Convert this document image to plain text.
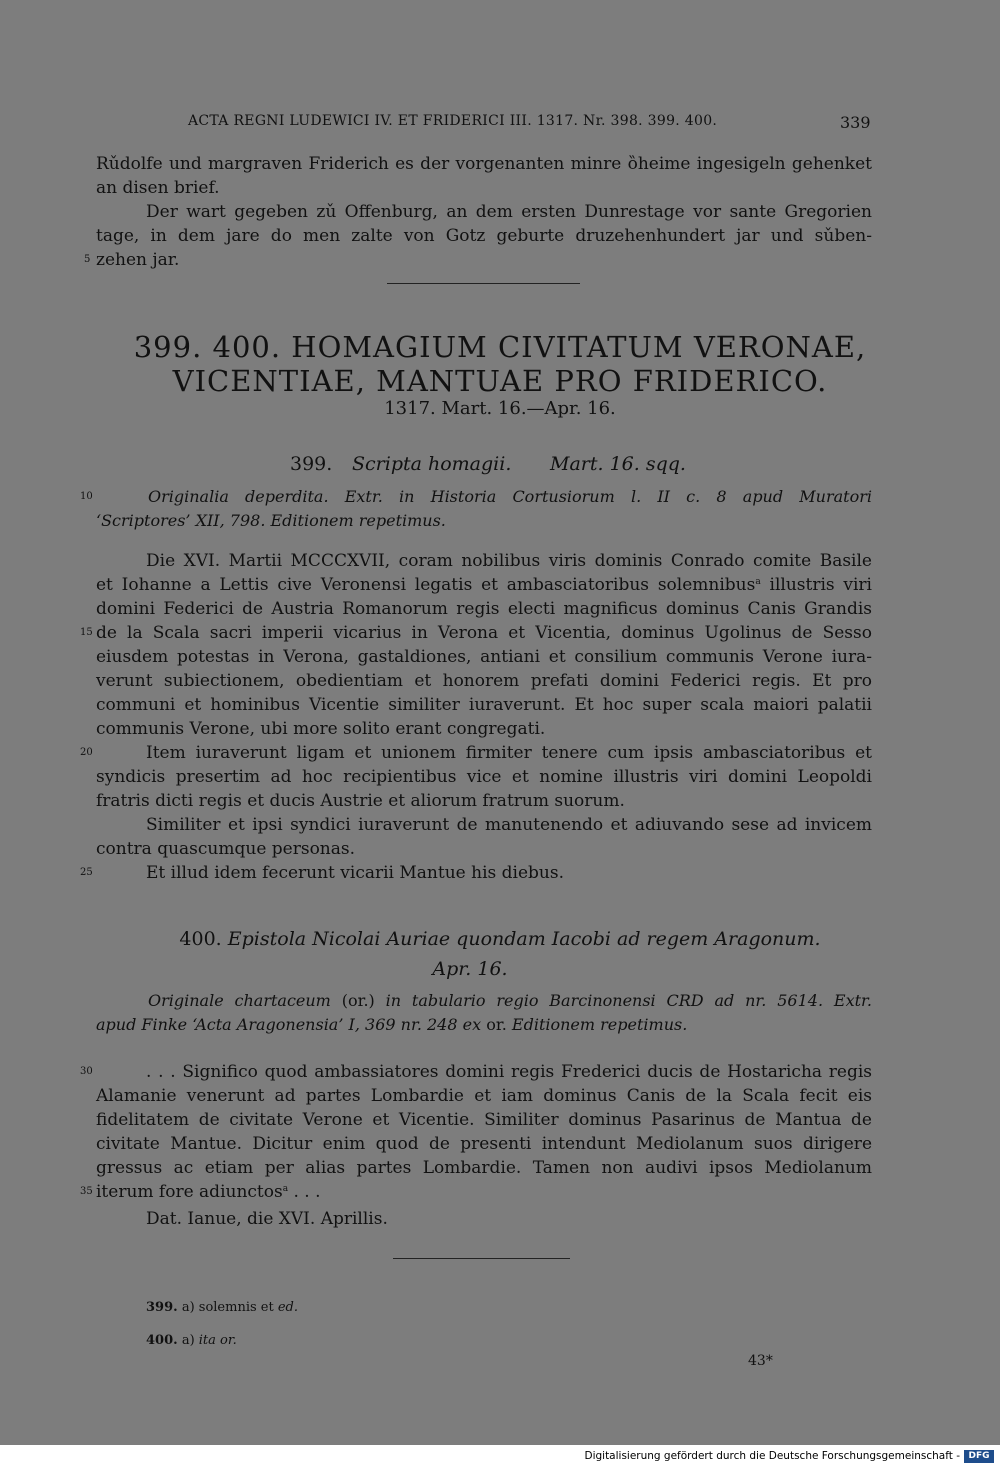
ACTA REGNI LUDEWICI IV. ET FRIDERICI III. 1317. Nr. 398. 399. 400.	339
Rǔdolfe und margraven Friderich es der vorgenanten minre ȍheime ingesigeln gehenket
an disen brief.
Der wart gegeben zǔ Offenburg, an dem ersten Dunrestage vor sante Gregorien
tage, in dem jare do men zalte von Gotz geburte druzehenhundert jar und sǔben-
5 zehen jar.
399. 400. HOMAGIUM CIVITATUM VERONAE,
VICENTIAE, MANTUAE PRO FRIDERICO.
1317. Mart. 16.—Apr. 16.
399. Scripta homagii. Mart. 16. sqq.
10	Originalia deperdita. Extr. in Historia Cortusiorum l. II c. 8 apud Muratori
‘Scriptores’ XII, 798. Editionem repetimus.
Die XVI. Martii MCCCXVII, coram nobilibus viris dominis Conrado comite Basile
et Iohanne a Lettis cive Veronensi legatis et ambasciatoribus solemnibus$^a$ illustris viri
domini Federici de Austria Romanorum regis electi magnificus dominus Canis Grandis
15 de la Scala sacri imperii vicarius in Verona et Vicentia, dominus Ugolinus de Sesso
eiusdem potestas in Verona, gastaldiones, antiani et consilium communis Verone iura-
verunt subiectionem, obedientiam et honorem prefati domini Federici regis. Et pro
communi et hominibus Vicentie similiter iuraverunt. Et hoc super scala maiori palatii
communis Verone, ubi more solito erant congregati.
20	Item iuraverunt ligam et unionem firmiter tenere cum ipsis ambasciatoribus et
syndicis presertim ad hoc recipientibus vice et nomine illustris viri domini Leopoldi
fratris dicti regis et ducis Austrie et aliorum fratrum suorum.
Similiter et ipsi syndici iuraverunt de manutenendo et adiuvando sese ad invicem
contra quascumque personas.
25	Et illud idem fecerunt vicarii Mantue his diebus.
400. Epistola Nicolai Auriae quondam Iacobi ad regem Aragonum.
Apr. 16.
Originale chartaceum (or.) in tabulario regio Barcinonensi CRD ad nr. 5614. Extr.
apud Finke ‘Acta Aragonensia’ I, 369 nr. 248 ex or. Editionem repetimus.
30	. . . Significo quod ambassiatores domini regis Frederici ducis de Hostaricha regis
Alamanie venerunt ad partes Lombardie et iam dominus Canis de la Scala fecit eis
fidelitatem de civitate Verone et Vicentie. Similiter dominus Pasarinus de Mantua de
civitate Mantue. Dicitur enim quod de presenti intendunt Mediolanum suos dirigere
gressus ac etiam per alias partes Lombardie. Tamen non audivi ipsos Mediolanum
35 iterum fore adiunctos$^a$ . . .
Dat. Ianue, die XVI. Aprillis.
399. a) solemnis et ed.
400. a) ita or.
43*
Digitalisierung gefördert durch die Deutsche Forschungsgemeinschaft - DFG
